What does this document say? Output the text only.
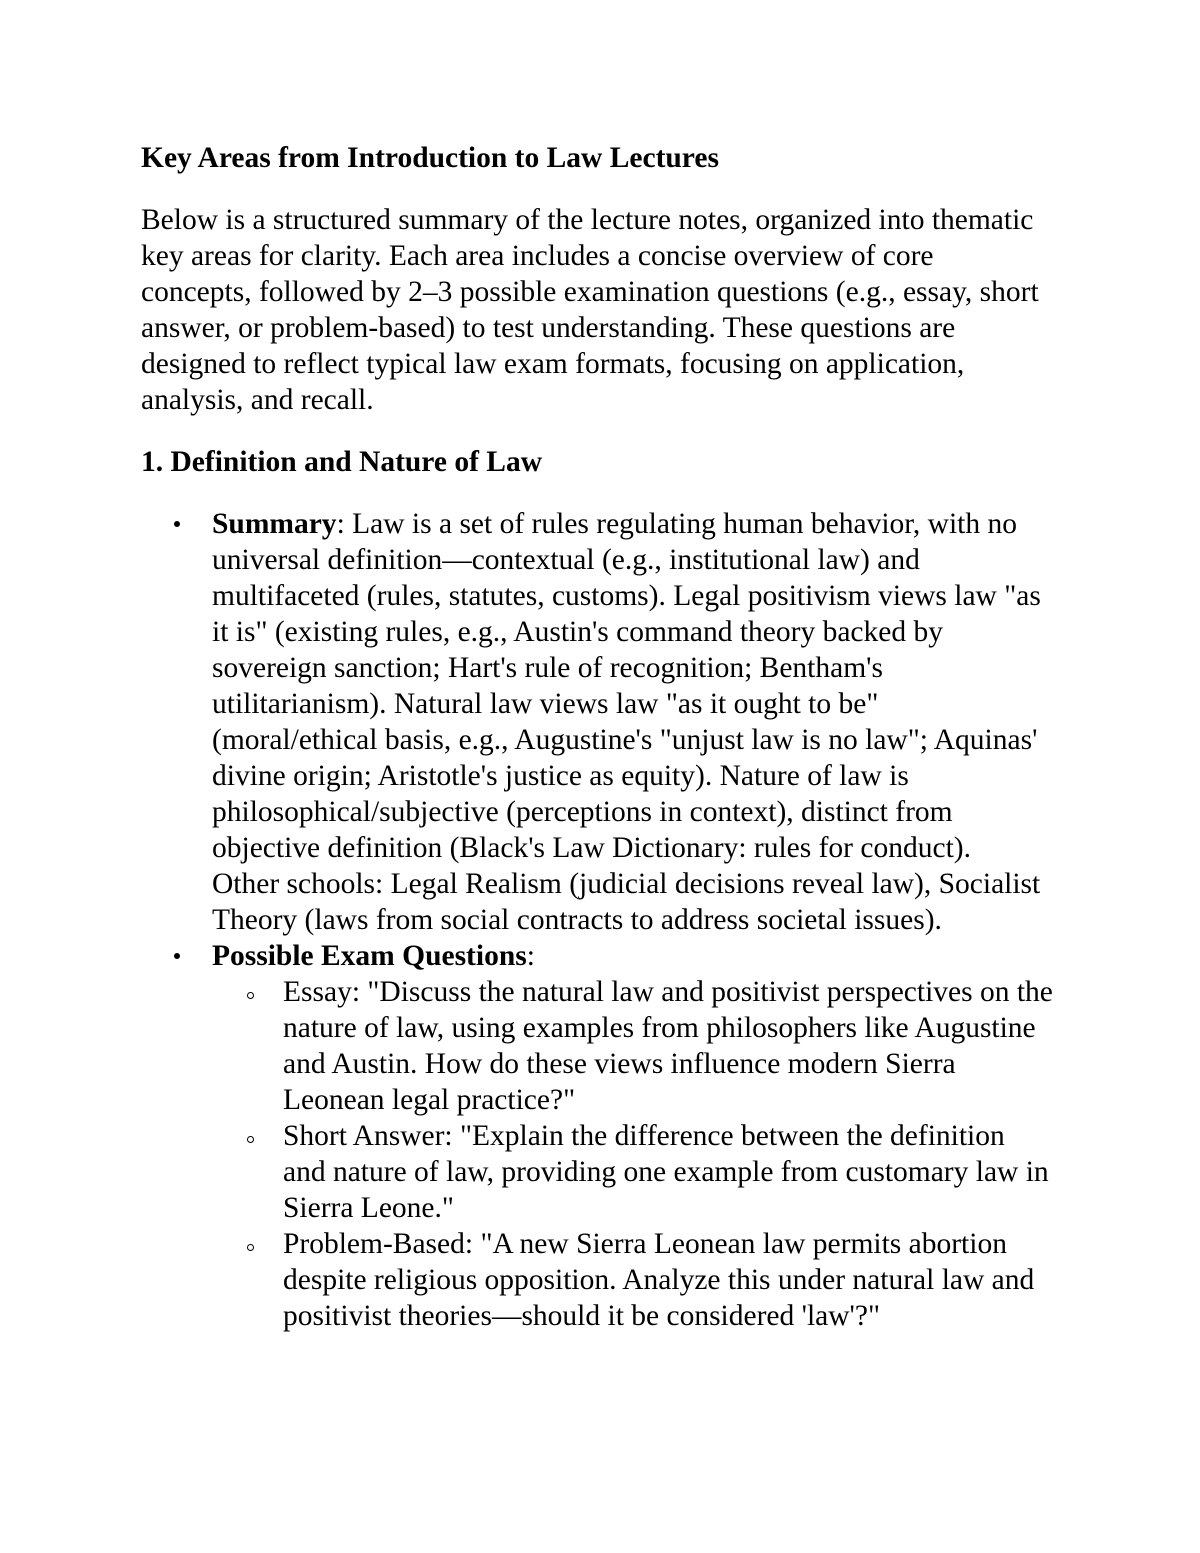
Key Areas from Introduction to Law Lectures

Below is a structured summary of the lecture notes, organized into thematic key areas for clarity. Each area includes a concise overview of core concepts, followed by 2–3 possible examination questions (e.g., essay, short answer, or problem-based) to test understanding. These questions are designed to reflect typical law exam formats, focusing on application, analysis, and recall.

1. Definition and Nature of Law
Summary: Law is a set of rules regulating human behavior, with no universal definition—contextual (e.g., institutional law) and multifaceted (rules, statutes, customs). Legal positivism views law "as it is" (existing rules, e.g., Austin's command theory backed by sovereign sanction; Hart's rule of recognition; Bentham's utilitarianism). Natural law views law "as it ought to be" (moral/ethical basis, e.g., Augustine's "unjust law is no law"; Aquinas' divine origin; Aristotle's justice as equity). Nature of law is philosophical/subjective (perceptions in context), distinct from objective definition (Black's Law Dictionary: rules for conduct). Other schools: Legal Realism (judicial decisions reveal law), Socialist Theory (laws from social contracts to address societal issues).
Possible Exam Questions:
Essay: "Discuss the natural law and positivist perspectives on the nature of law, using examples from philosophers like Augustine and Austin. How do these views influence modern Sierra Leonean legal practice?"
Short Answer: "Explain the difference between the definition and nature of law, providing one example from customary law in Sierra Leone."
Problem-Based: "A new Sierra Leonean law permits abortion despite religious opposition. Analyze this under natural law and positivist theories—should it be considered 'law'?"
